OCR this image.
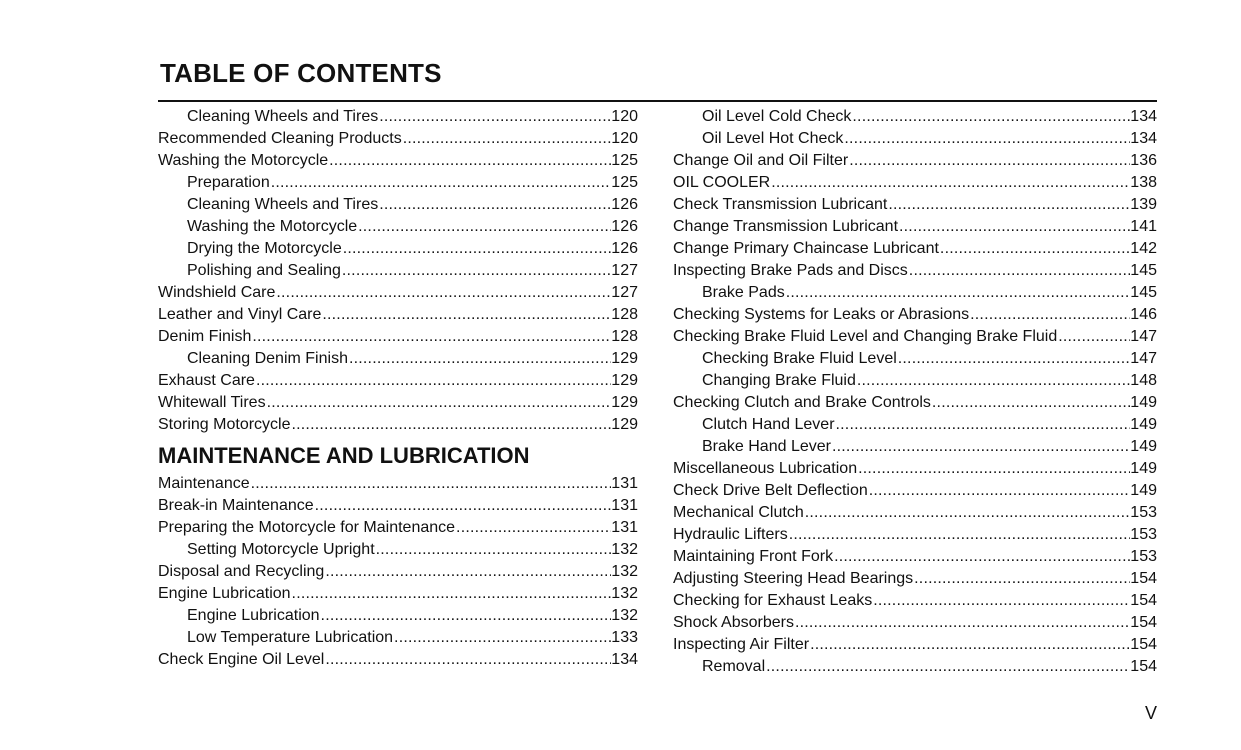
TABLE OF CONTENTS
Cleaning Wheels and Tires .....	120
Recommended Cleaning Products .....	120
Washing the Motorcycle .....	125
Preparation .....	125
Cleaning Wheels and Tires .....	126
Washing the Motorcycle .....	126
Drying the Motorcycle .....	126
Polishing and Sealing .....	127
Windshield Care .....	127
Leather and Vinyl Care .....	128
Denim Finish .....	128
Cleaning Denim Finish .....	129
Exhaust Care .....	129
Whitewall Tires .....	129
Storing Motorcycle .....	129
MAINTENANCE AND LUBRICATION
Maintenance .....	131
Break-in Maintenance .....	131
Preparing the Motorcycle for Maintenance .....	131
Setting Motorcycle Upright .....	132
Disposal and Recycling .....	132
Engine Lubrication .....	132
Engine Lubrication .....	132
Low Temperature Lubrication .....	133
Check Engine Oil Level .....	134
Oil Level Cold Check .....	134
Oil Level Hot Check .....	134
Change Oil and Oil Filter .....	136
OIL COOLER .....	138
Check Transmission Lubricant .....	139
Change Transmission Lubricant .....	141
Change Primary Chaincase Lubricant .....	142
Inspecting Brake Pads and Discs .....	145
Brake Pads .....	145
Checking Systems for Leaks or Abrasions .....	146
Checking Brake Fluid Level and Changing Brake Fluid .....	147
Checking Brake Fluid Level .....	147
Changing Brake Fluid .....	148
Checking Clutch and Brake Controls .....	149
Clutch Hand Lever .....	149
Brake Hand Lever .....	149
Miscellaneous Lubrication .....	149
Check Drive Belt Deflection .....	149
Mechanical Clutch .....	153
Hydraulic Lifters .....	153
Maintaining Front Fork .....	153
Adjusting Steering Head Bearings .....	154
Checking for Exhaust Leaks .....	154
Shock Absorbers .....	154
Inspecting Air Filter .....	154
Removal .....	154
V
